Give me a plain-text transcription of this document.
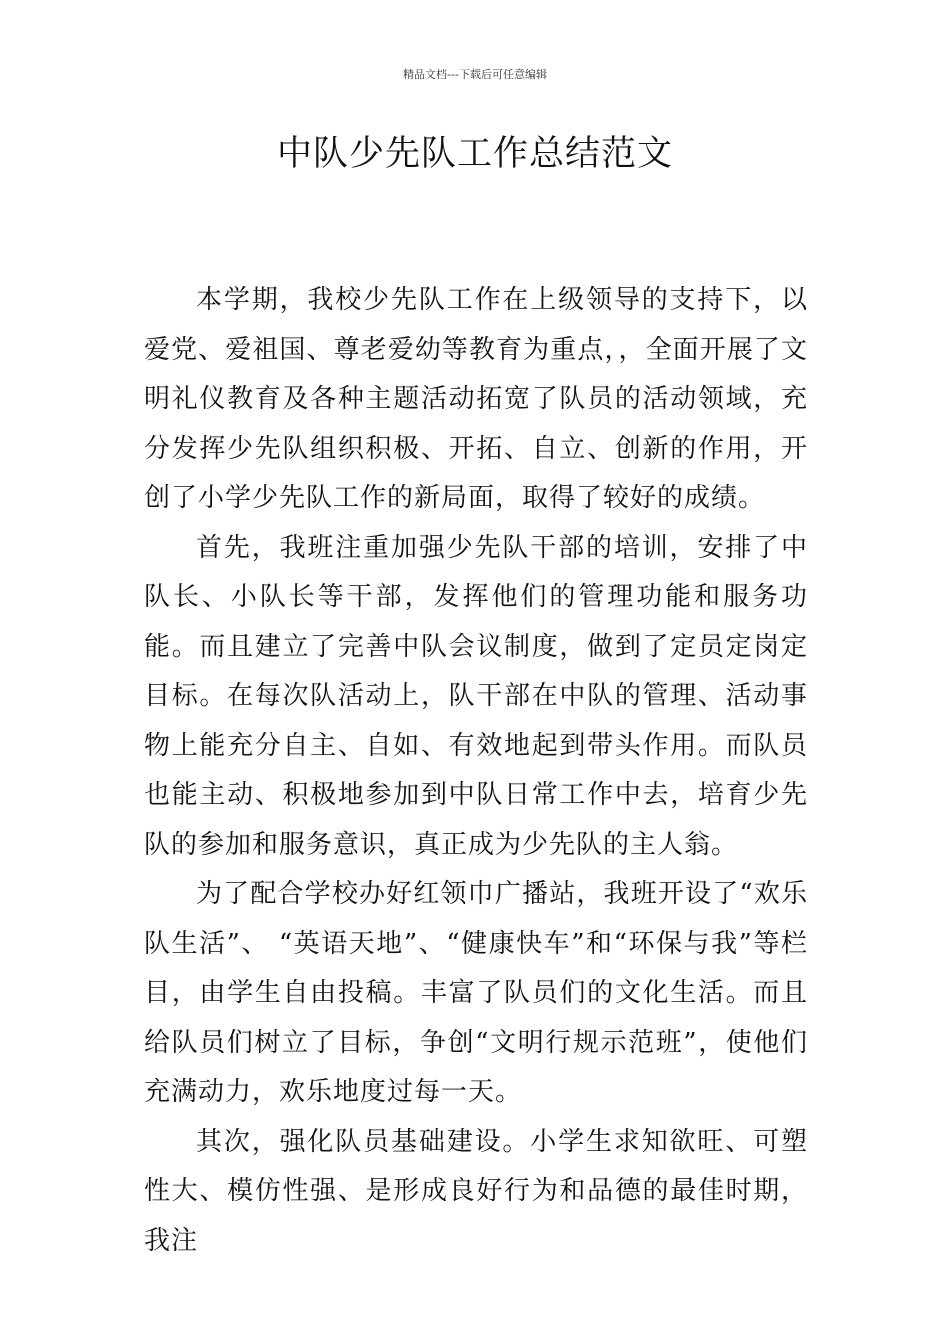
精品文档---下载后可任意编辑
中队少先队工作总结范文

本学期，我校少先队工作在上级领导的支持下，以爱党、爱祖国、尊老爱幼等教育为重点，，全面开展了文明礼仪教育及各种主题活动拓宽了队员的活动领域，充分发挥少先队组织积极、开拓、自立、创新的作用，开创了小学少先队工作的新局面，取得了较好的成绩。

首先，我班注重加强少先队干部的培训，安排了中队长、小队长等干部，发挥他们的管理功能和服务功能。而且建立了完善中队会议制度，做到了定员定岗定目标。在每次队活动上，队干部在中队的管理、活动事物上能充分自主、自如、有效地起到带头作用。而队员也能主动、积极地参加到中队日常工作中去，培育少先队的参加和服务意识，真正成为少先队的主人翁。

为了配合学校办好红领巾广播站，我班开设了“欢乐队生活”、 “英语天地”、“健康快车”和“环保与我”等栏目，由学生自由投稿。丰富了队员们的文化生活。而且给队员们树立了目标，争创“文明行规示范班”，使他们充满动力，欢乐地度过每一天。

其次，强化队员基础建设。小学生求知欲旺、可塑性大、模仿性强、是形成良好行为和品德的最佳时期，我注
